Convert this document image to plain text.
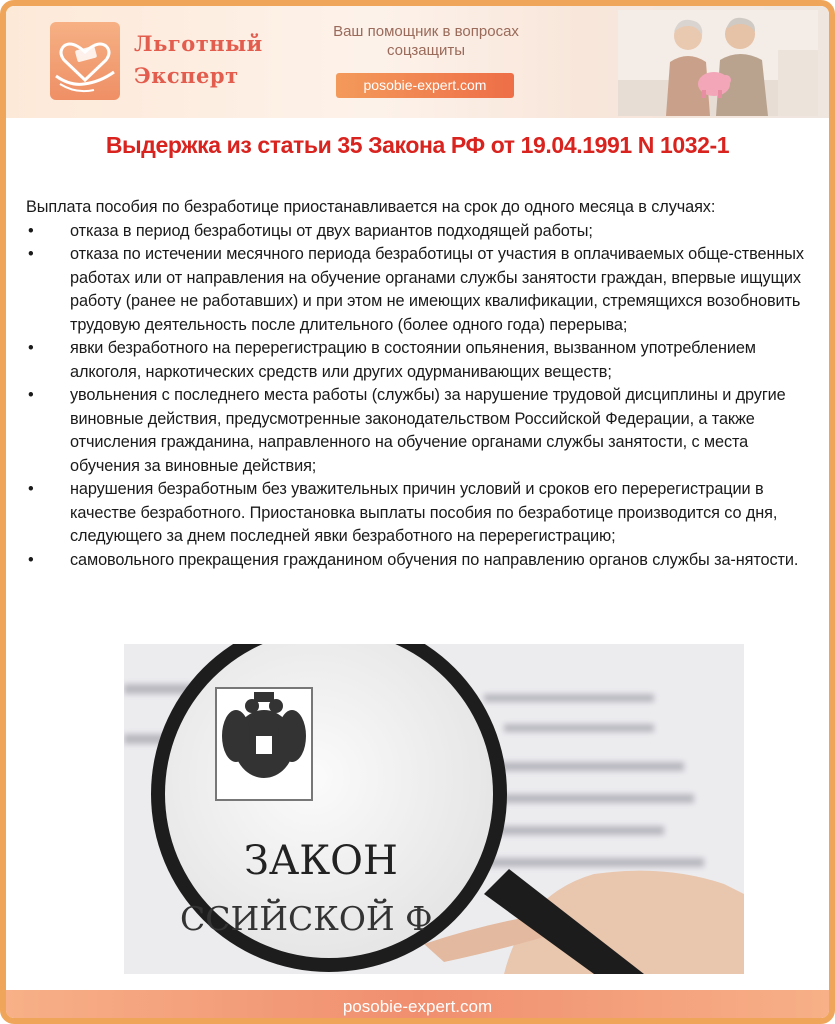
Льготный
Эксперт
Ваш помощник в вопросах соцзащиты
posobie-expert.com
Выдержка из статьи 35 Закона РФ от 19.04.1991 N 1032-1

Выплата пособия по безработице приостанавливается на срок до одного месяца в случаях:

• отказа в период безработицы от двух вариантов подходящей работы;
• отказа по истечении месячного периода безработицы от участия в оплачиваемых обще-ственных работах или от направления на обучение органами службы занятости граждан, впервые ищущих работу (ранее не работавших) и при этом не имеющих квалификации, стремящихся возобновить трудовую деятельность после длительного (более одного года) перерыва;
• явки безработного на перерегистрацию в состоянии опьянения, вызванном употреблением алкоголя, наркотических средств или других одурманивающих веществ;
• увольнения с последнего места работы (службы) за нарушение трудовой дисциплины и другие виновные действия, предусмотренные законодательством Российской Федерации, а также отчисления гражданина, направленного на обучение органами службы занятости, с места обучения за виновные действия;
• нарушения безработным без уважительных причин условий и сроков его перерегистрации в качестве безработного. Приостановка выплаты пособия по безработице производится со дня, следующего за днем последней явки безработного на перерегистрацию;
• самовольного прекращения гражданином обучения по направлению органов службы за-нятости.
ЗАКОН
ССИЙСКОЙ Ф
posobie-expert.com
